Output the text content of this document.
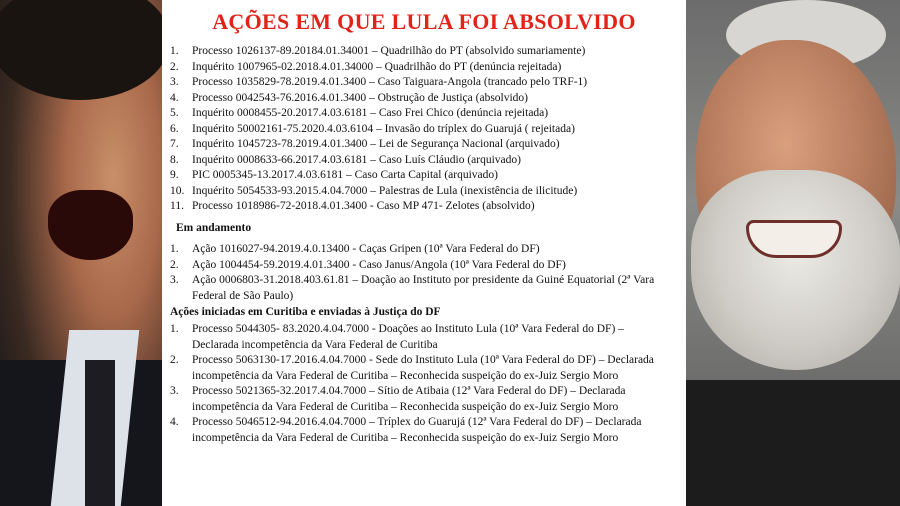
AÇÕES EM QUE LULA FOI ABSOLVIDO
1. Processo 1026137-89.20184.01.34001 – Quadrilhão do PT (absolvido sumariamente)
2. Inquérito 1007965-02.2018.4.01.34000 – Quadrilhão do PT (denúncia rejeitada)
3. Processo 1035829-78.2019.4.01.3400 – Caso Taiguara-Angola (trancado pelo TRF-1)
4. Processo 0042543-76.2016.4.01.3400 – Obstrução de Justiça (absolvido)
5. Inquérito 0008455-20.2017.4.03.6181 – Caso Frei Chico (denúncia rejeitada)
6. Inquérito 50002161-75.2020.4.03.6104 – Invasão do tríplex do Guarujá ( rejeitada)
7. Inquérito 1045723-78.2019.4.01.3400 – Lei de Segurança Nacional (arquivado)
8. Inquérito 0008633-66.2017.4.03.6181 – Caso Luís Cláudio (arquivado)
9. PIC 0005345-13.2017.4.03.6181 – Caso Carta Capital (arquivado)
10. Inquérito 5054533-93.2015.4.04.7000 – Palestras de Lula (inexistência de ilicitude)
11. Processo 1018986-72-2018.4.01.3400 - Caso MP 471- Zelotes (absolvido)
Em andamento
1.	Ação 1016027-94.2019.4.0.13400 - Caças Gripen (10ª Vara Federal do DF)
2.	Ação 1004454-59.2019.4.01.3400 - Caso Janus/Angola (10ª Vara Federal do DF)
3.	Ação 0006803-31.2018.403.61.81 – Doação ao Instituto por presidente da Guiné Equatorial (2ª Vara Federal de São Paulo)
Ações iniciadas em Curitiba e enviadas à Justiça do DF
1.	Processo 5044305- 83.2020.4.04.7000 - Doações ao Instituto Lula (10ª Vara Federal do DF) – Declarada incompetência da Vara Federal de Curitiba
2.	Processo 5063130-17.2016.4.04.7000 - Sede do Instituto Lula (10ª Vara Federal do DF) – Declarada incompetência da Vara Federal de Curitiba – Reconhecida suspeição do ex-Juiz Sergio Moro
3.	Processo 5021365-32.2017.4.04.7000 – Sítio de Atibaia (12ª Vara Federal do DF) – Declarada incompetência da Vara Federal de Curitiba – Reconhecida suspeição do ex-Juiz Sergio Moro
4.	Processo 5046512-94.2016.4.04.7000 – Tríplex do Guarujá (12ª Vara Federal do DF) – Declarada incompetência da Vara Federal de Curitiba – Reconhecida suspeição do ex-Juiz Sergio Moro
